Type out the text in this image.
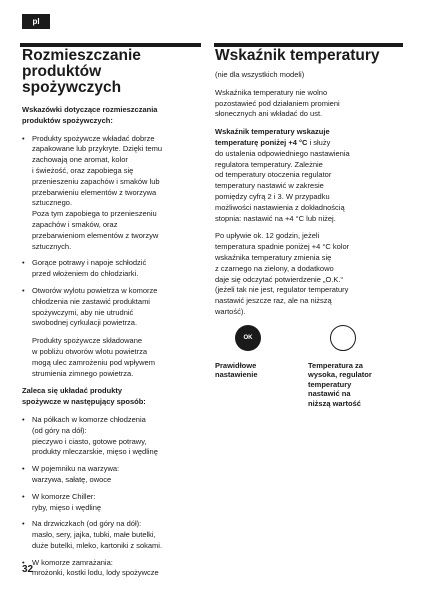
pl
Rozmieszczanie
produktów
spożywczych

Wskazówki dotyczące rozmieszczania
produktów spożywczych:

• Produkty spożywcze wkładać dobrze
zapakowane lub przykryte. Dzięki temu
zachowają one aromat, kolor
i świeżość, oraz zapobiega się
przenieszeniu zapachów i smaków lub
przebarwieniu elementów z tworzywa
sztucznego.
Poza tym zapobiega to przenieszeniu
zapachów i smaków, oraz
przebarwieniom elementów z tworzyw
sztucznych.
• Gorące potrawy i napoje schłodzić
przed włożeniem do chłodziarki.
• Otworów wylotu powietrza w komorze
chłodzenia nie zastawić produktami
spożywczymi, aby nie utrudnić
swobodnej cyrkulacji powietrza.

Produkty spożywcze składowane
w pobliżu otworów wlotu powietrza
mogą ulec zamrożeniu pod wpływem
strumienia zimnego powietrza.

Zaleca się układać produkty
spożywcze w następujący sposób:

• Na półkach w komorze chłodzenia
(od góry na dół):
pieczywo i ciasto, gotowe potrawy,
produkty mleczarskie, mięso i wędlinę
• W pojemniku na warzywa:
warzywa, sałatę, owoce
• W komorze Chiller:
ryby, mięso i wędlinę
• Na drzwiczkach (od góry na dół):
masło, sery, jajka, tubki, małe butelki,
duże butelki, mleko, kartoniki z sokami.
• W komorze zamrażania:
mrożonki, kostki lodu, lody spożywcze
Wskaźnik temperatury

(nie dla wszystkich modeli)

Wskaźnika temperatury nie wolno
pozostawieć pod działaniem promieni
słonecznych ani wkładać do ust.

Wskaźnik temperatury wskazuje
temperaturę poniżej +4 °C i służy
do ustalenia odpowiedniego nastawienia
regulatora temperatury. Zależnie
od temperatury otoczenia regulator
temperatury nastawić w zakresie
pomiędzy cyfrą 2 i 3. W przypadku
możliwości nastawienia z dokładnością
stopnia: nastawić na +4 °C lub niżej.

Po upływie ok. 12 godzin, jeżeli
temperatura spadnie poniżej +4 °C kolor
wskaźnika temperatury zmienia się
z czarnego na zielony, a dodatkowo
daje się odczytać potwierdzenie „O.K.“
(jeżeli tak nie jest, regulator temperatury
nastawić jeszcze raz, ale na niższą
wartość).

OK
Prawidłowe
nastawienie
Temperatura za
wysoka, regulator
temperatury
nastawić na
niższą wartość
32
